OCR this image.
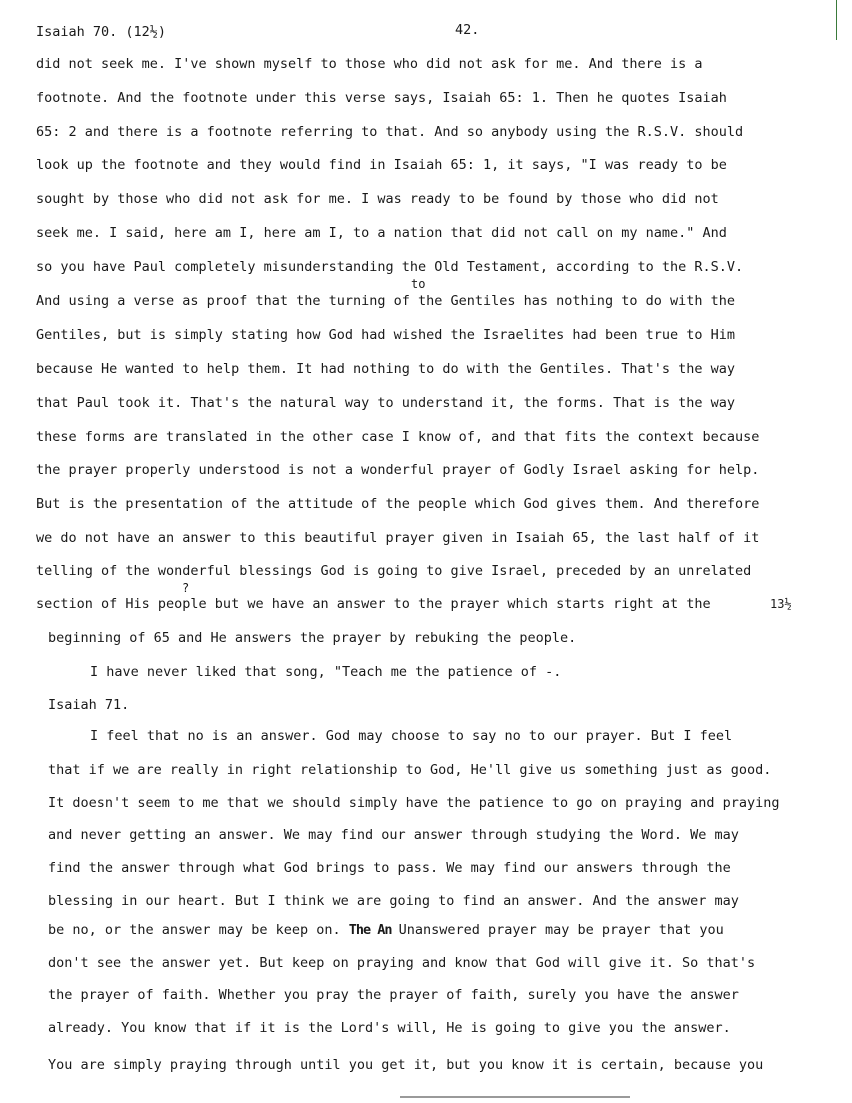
Isaiah 70. (12½)	42.
did not seek me. I've shown myself to those who did not ask for me. And there is a
footnote. And the footnote under this verse says, Isaiah 65: 1. Then he quotes Isaiah
65: 2 and there is a footnote referring to that. And so anybody using the R.S.V. should
look up the footnote and they would find in Isaiah 65: 1, it says, "I was ready to be
sought by those who did not ask for me. I was ready to be found by those who did not
seek me. I said, here am I, here am I, to a nation that did not call on my name." And
so you have Paul completely misunderstanding the Old Testament, according to the R.S.V.
to
And using a verse as proof that the turning of the Gentiles has nothing to do with the
Gentiles, but is simply stating how God had wished the Israelites had been true to Him
because He wanted to help them. It had nothing to do with the Gentiles. That's the way
that Paul took it. That's the natural way to understand it, the forms. That is the way
these forms are translated in the other case I know of, and that fits the context because
the prayer properly understood is not a wonderful prayer of Godly Israel asking for help.
But is the presentation of the attitude of the people which God gives them. And therefore
we do not have an answer to this beautiful prayer given in Isaiah 65, the last half of it
telling of the wonderful blessings God is going to give Israel, preceded by an unrelated
?
section of His people but we have an answer to the prayer which starts right at the	13½
beginning of 65 and He answers the prayer by rebuking the people.
I have never liked that song, "Teach me the patience of -.
Isaiah 71.
I feel that no is an answer. God may choose to say no to our prayer. But I feel
that if we are really in right relationship to God, He'll give us something just as good.
It doesn't seem to me that we should simply have the patience to go on praying and praying
and never getting an answer. We may find our answer through studying the Word. We may
find the answer through what God brings to pass. We may find our answers through the
blessing in our heart. But I think we are going to find an answer. And the answer may
be no, or the answer may be keep on. The An Unanswered prayer may be prayer that you
don't see the answer yet. But keep on praying and know that God will give it. So that's
the prayer of faith. Whether you pray the prayer of faith, surely you have the answer
already. You know that if it is the Lord's will, He is going to give you the answer.
You are simply praying through until you get it, but you know it is certain, because you
